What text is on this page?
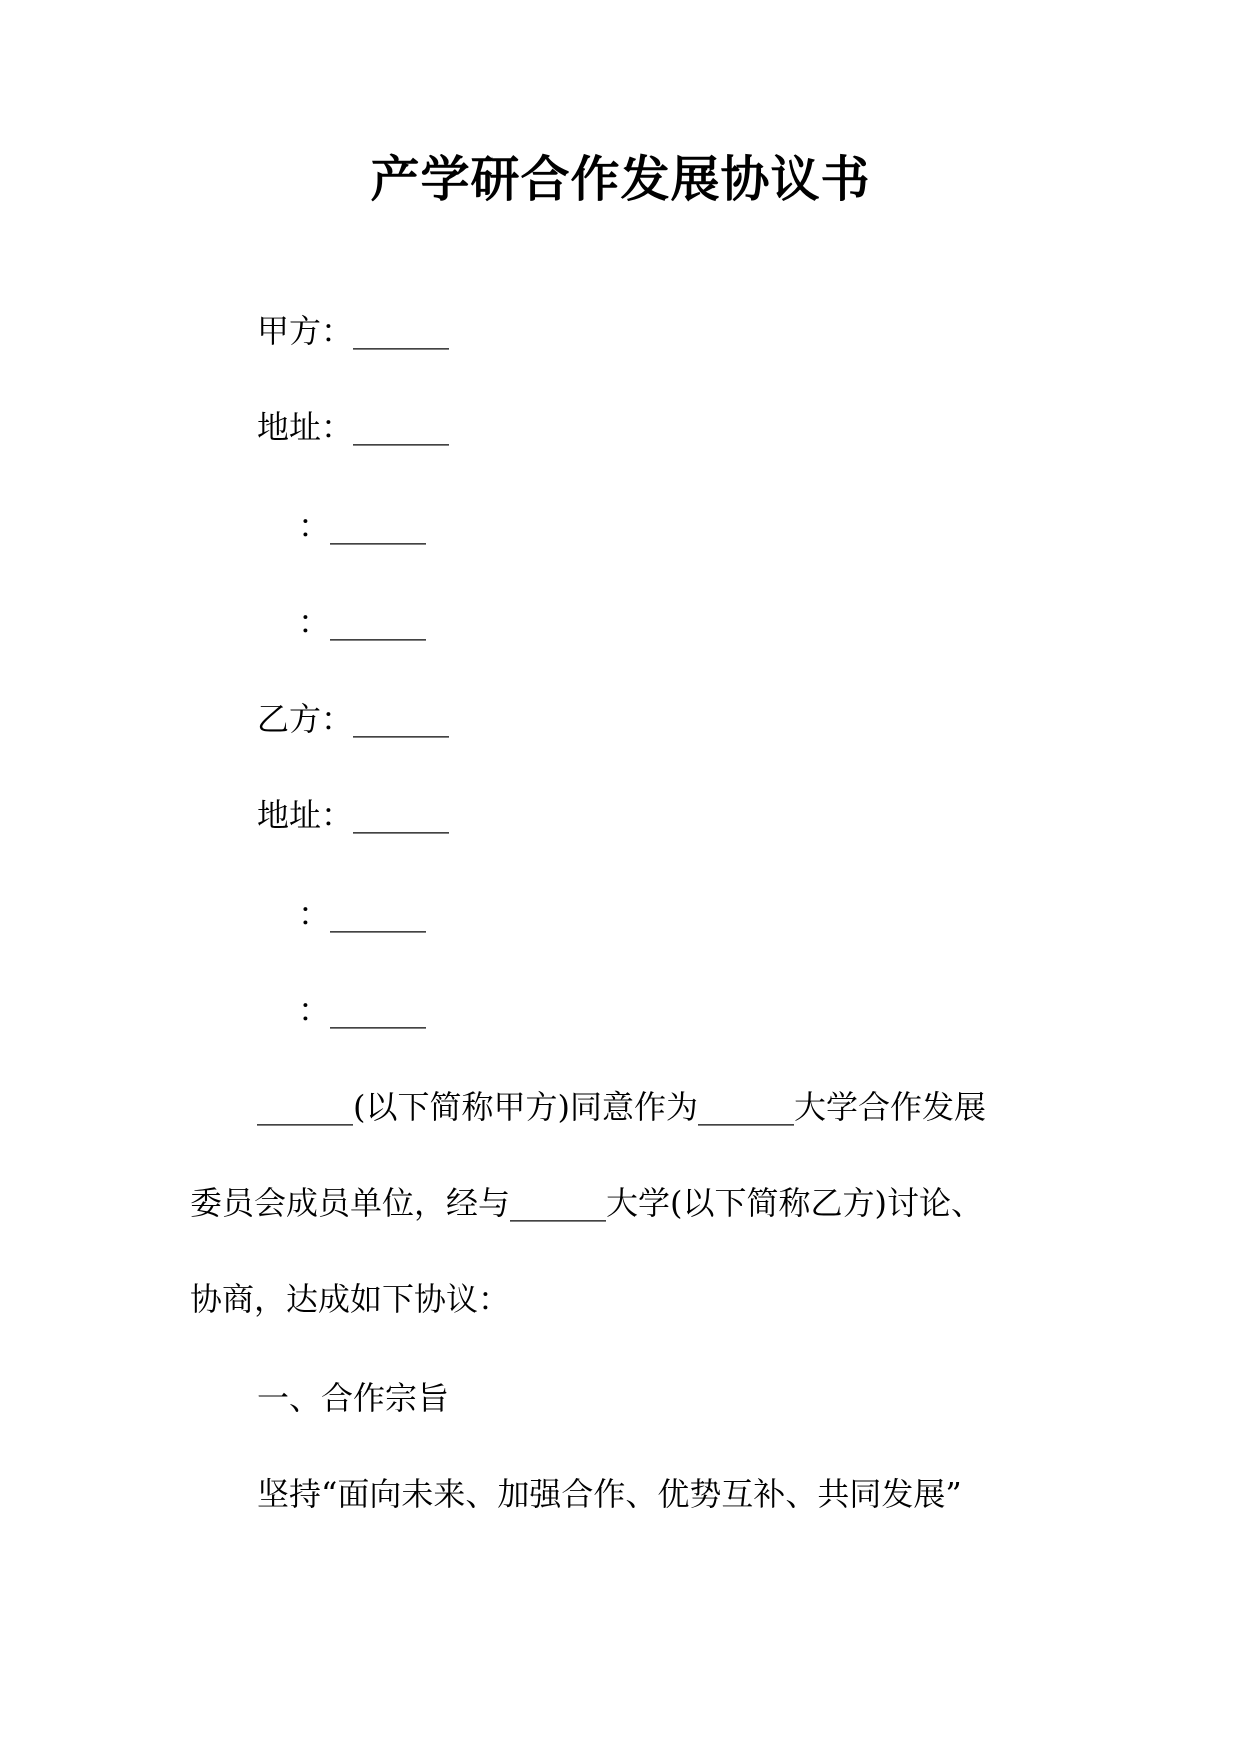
产学研合作发展协议书
甲方：______
地址：______
：______
：______
乙方：______
地址：______
：______
：______
______(以下简称甲方)同意作为______大学合作发展
委员会成员单位，经与______大学(以下简称乙方)讨论、
协商，达成如下协议：
一、合作宗旨
坚持“面向未来、加强合作、优势互补、共同发展”
